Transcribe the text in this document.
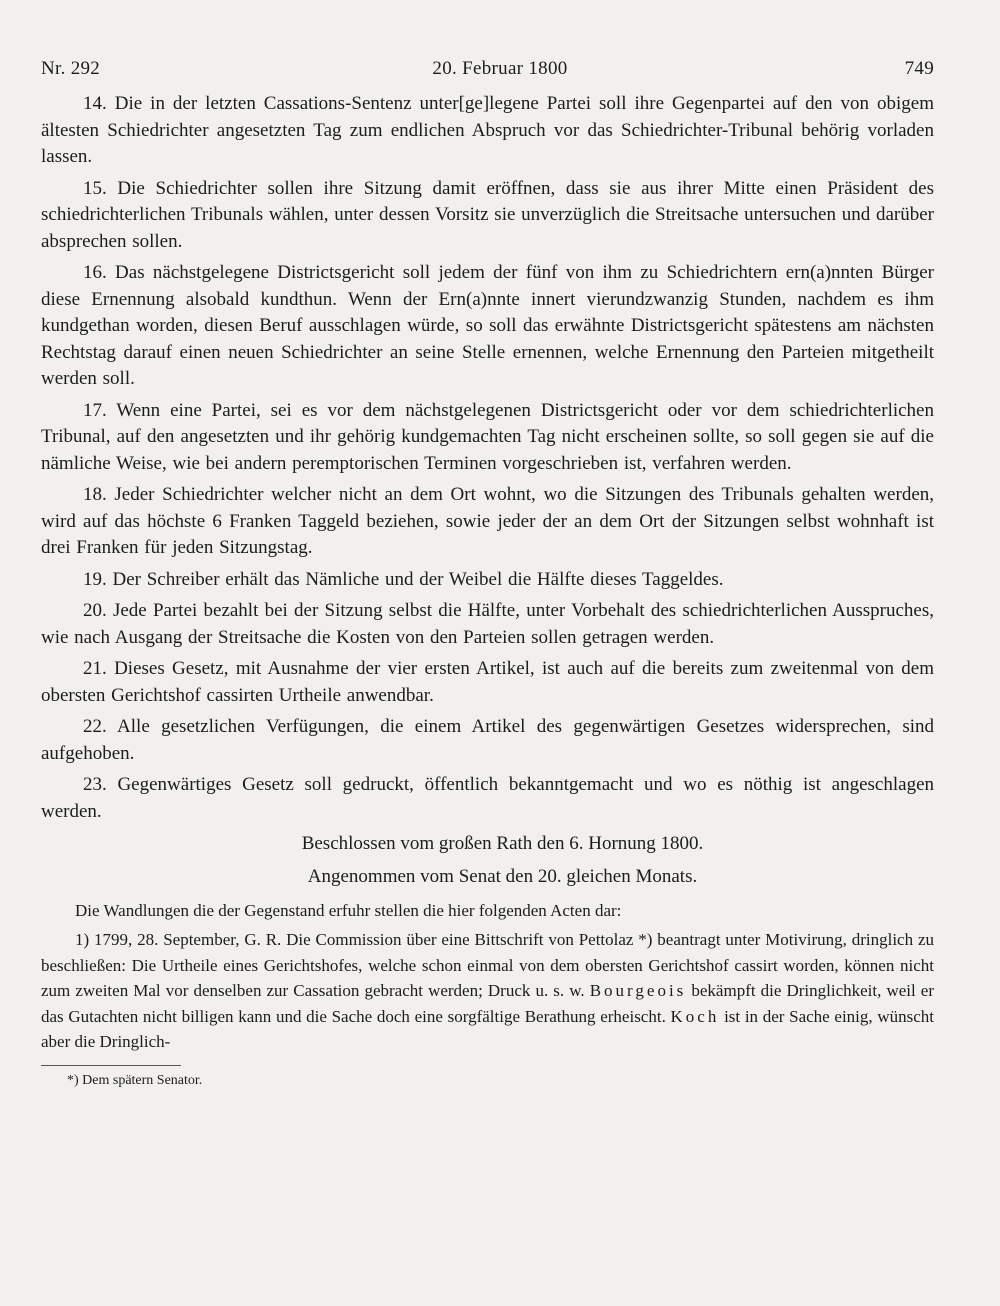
Nr. 292	20. Februar 1800	749

14. Die in der letzten Cassations-Sentenz unter[ge]legene Partei soll ihre Gegenpartei auf den von obigem ältesten Schiedrichter angesetzten Tag zum endlichen Abspruch vor das Schiedrichter-Tribunal behörig vorladen lassen.

15. Die Schiedrichter sollen ihre Sitzung damit eröffnen, dass sie aus ihrer Mitte einen Präsident des schiedrichterlichen Tribunals wählen, unter dessen Vorsitz sie unverzüglich die Streitsache untersuchen und darüber absprechen sollen.

16. Das nächstgelegene Districtsgericht soll jedem der fünf von ihm zu Schiedrichtern ern(a)nnten Bürger diese Ernennung alsobald kundthun. Wenn der Ern(a)nnte innert vierundzwanzig Stunden, nachdem es ihm kundgethan worden, diesen Beruf ausschlagen würde, so soll das erwähnte Districtsgericht spätestens am nächsten Rechtstag darauf einen neuen Schiedrichter an seine Stelle ernennen, welche Ernennung den Parteien mitgetheilt werden soll.

17. Wenn eine Partei, sei es vor dem nächstgelegenen Districtsgericht oder vor dem schiedrichterlichen Tribunal, auf den angesetzten und ihr gehörig kundgemachten Tag nicht erscheinen sollte, so soll gegen sie auf die nämliche Weise, wie bei andern peremptorischen Terminen vorgeschrieben ist, verfahren werden.

18. Jeder Schiedrichter welcher nicht an dem Ort wohnt, wo die Sitzungen des Tribunals gehalten werden, wird auf das höchste 6 Franken Taggeld beziehen, sowie jeder der an dem Ort der Sitzungen selbst wohnhaft ist drei Franken für jeden Sitzungstag.

19. Der Schreiber erhält das Nämliche und der Weibel die Hälfte dieses Taggeldes.

20. Jede Partei bezahlt bei der Sitzung selbst die Hälfte, unter Vorbehalt des schiedrichterlichen Ausspruches, wie nach Ausgang der Streitsache die Kosten von den Parteien sollen getragen werden.

21. Dieses Gesetz, mit Ausnahme der vier ersten Artikel, ist auch auf die bereits zum zweitenmal von dem obersten Gerichtshof cassirten Urtheile anwendbar.

22. Alle gesetzlichen Verfügungen, die einem Artikel des gegenwärtigen Gesetzes widersprechen, sind aufgehoben.

23. Gegenwärtiges Gesetz soll gedruckt, öffentlich bekanntgemacht und wo es nöthig ist angeschlagen werden.

Beschlossen vom großen Rath den 6. Hornung 1800.

Angenommen vom Senat den 20. gleichen Monats.

Die Wandlungen die der Gegenstand erfuhr stellen die hier folgenden Acten dar:

1) 1799, 28. September, G. R. Die Commission über eine Bittschrift von Pettolaz *) beantragt unter Motivirung, dringlich zu beschließen: Die Urtheile eines Gerichtshofes, welche schon einmal von dem obersten Gerichtshof cassirt worden, können nicht zum zweiten Mal vor denselben zur Cassation gebracht werden; Druck u. s. w. Bourgeois bekämpft die Dringlichkeit, weil er das Gutachten nicht billigen kann und die Sache doch eine sorgfältige Berathung erheischt. Koch ist in der Sache einig, wünscht aber die Dringlich-

*) Dem spätern Senator.
